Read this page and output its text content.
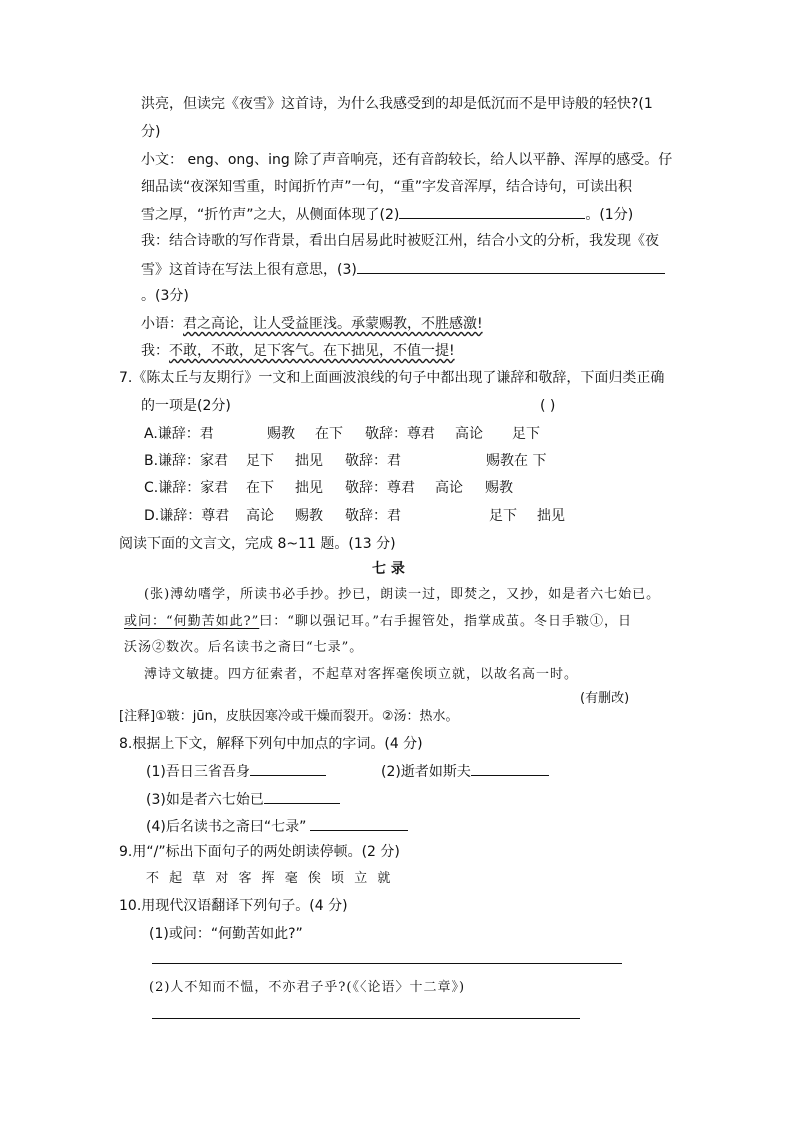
洪亮，但读完《夜雪》这首诗，为什么我感受到的却是低沉而不是甲诗般的轻快?(1
分)
小文： eng、ong、ing 除了声音响亮，还有音韵较长，给人以平静、浑厚的感受。仔
细品读“夜深知雪重，时闻折竹声”一句，“重”字发音浑厚，结合诗句，可读出积
雪之厚，“折竹声”之大，从侧面体现了(2)	。(1分)
我：结合诗歌的写作背景，看出白居易此时被贬江州，结合小文的分析，我发现《夜
雪》这首诗在写法上很有意思，(3)
。(3分)
小语：君之高论，让人受益匪浅。承蒙赐教，不胜感激!
我：不敢，不敢，足下客气。在下拙见，不值一提!
7.《陈太丘与友期行》一文和上面画波浪线的句子中都出现了谦辞和敬辞，下面归类正确
的一项是(2分)	( )
A.谦辞：君	赐教 在下 敬辞：尊君 高论 足下
B.谦辞：家君 足下 拙见 敬辞：君	赐教在 下
C.谦辞：家君 在下 拙见 敬辞：尊君 高论 赐教
D.谦辞：尊君 高论 赐教 敬辞：君	足下 拙见
阅读下面的文言文，完成 8~11 题。(13 分)
七 录
(张)溥幼嗜学，所读书必手抄。抄已，朗读一过，即焚之，又抄，如是者六七始已。
或问：“何勤苦如此?”曰：“聊以强记耳。”右手握管处，指掌成茧。冬日手皲①，日
沃汤②数次。后名读书之斋曰“七录”。
溥诗文敏捷。四方征索者，不起草对客挥毫俟顷立就，以故名高一时。
(有删改)
[注释]①皲：jūn，皮肤因寒冷或干燥而裂开。②汤：热水。
8.根据上下文，解释下列句中加点的字词。(4 分)
(1)吾日三省吾身	(2)逝者如斯夫
(3)如是者六七始已
(4)后名读书之斋曰“七录”
9.用“/”标出下面句子的两处朗读停顿。(2 分)
不 起 草 对 客 挥 毫 俟 顷 立 就
10.用现代汉语翻译下列句子。(4 分)
(1)或问：“何勤苦如此?”
(2)人不知而不愠，不亦君子乎?(《〈论语〉十二章》)
